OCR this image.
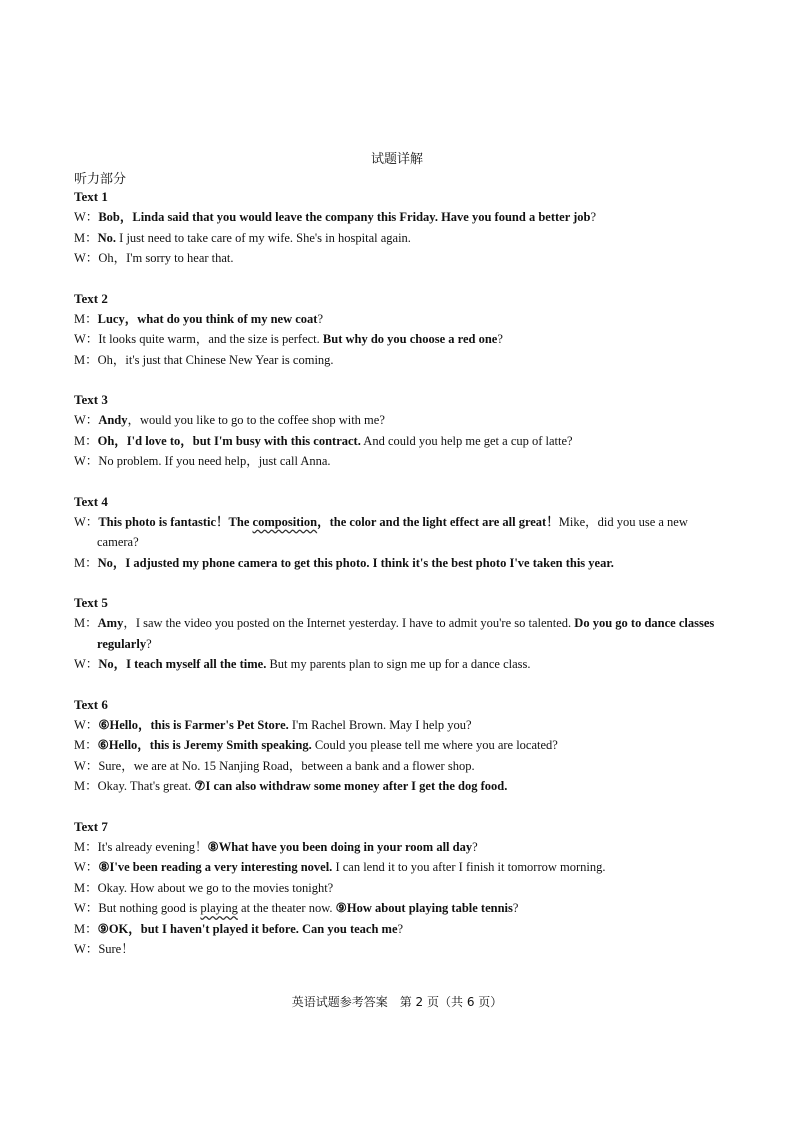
试题详解
听力部分

Text 1

W：Bob，Linda said that you would leave the company this Friday. Have you found a better job?

M：No. I just need to take care of my wife. She's in hospital again.

W：Oh，I'm sorry to hear that.

Text 2

M：Lucy，what do you think of my new coat?

W：It looks quite warm，and the size is perfect. But why do you choose a red one?

M：Oh，it's just that Chinese New Year is coming.

Text 3

W：Andy，would you like to go to the coffee shop with me?

M：Oh，I'd love to，but I'm busy with this contract. And could you help me get a cup of latte?

W：No problem. If you need help，just call Anna.

Text 4

W：This photo is fantastic！The composition，the color and the light effect are all great！Mike，did you use a new camera?

M：No，I adjusted my phone camera to get this photo. I think it's the best photo I've taken this year.

Text 5

M：Amy，I saw the video you posted on the Internet yesterday. I have to admit you're so talented. Do you go to dance classes regularly?

W：No，I teach myself all the time. But my parents plan to sign me up for a dance class.

Text 6

W：⑥Hello，this is Farmer's Pet Store. I'm Rachel Brown. May I help you?

M：⑥Hello，this is Jeremy Smith speaking. Could you please tell me where you are located?

W：Sure，we are at No. 15 Nanjing Road，between a bank and a flower shop.

M：Okay. That's great. ⑦I can also withdraw some money after I get the dog food.

Text 7

M：It's already evening！⑧What have you been doing in your room all day?

W：⑧I've been reading a very interesting novel. I can lend it to you after I finish it tomorrow morning.

M：Okay. How about we go to the movies tonight?

W：But nothing good is playing at the theater now. ⑨How about playing table tennis?

M：⑨OK，but I haven't played it before. Can you teach me?

W：Sure！

英语试题参考答案　第 2 页（共 6 页）
